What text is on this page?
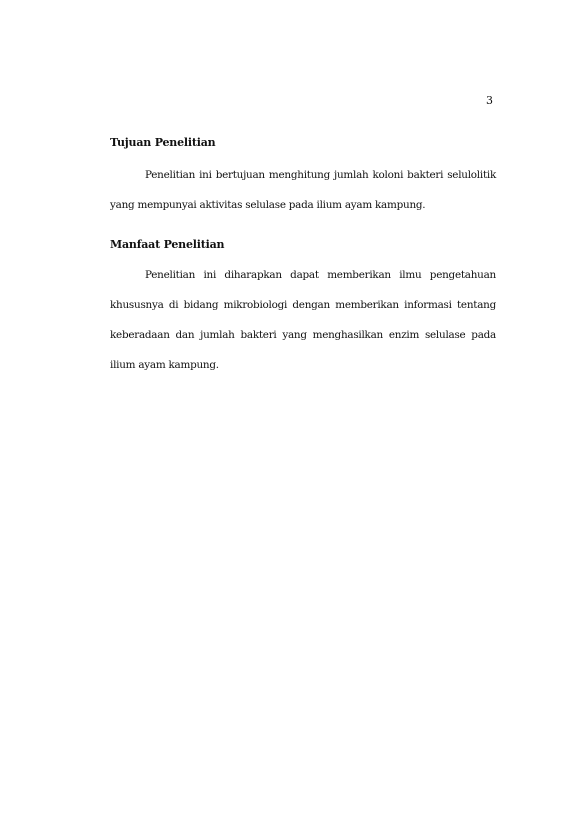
3

Tujuan Penelitian

Penelitian ini bertujuan menghitung jumlah koloni bakteri selulolitik yang mempunyai aktivitas selulase pada ilium ayam kampung.

Manfaat Penelitian

Penelitian ini diharapkan dapat memberikan ilmu pengetahuan khususnya di bidang mikrobiologi dengan memberikan informasi tentang keberadaan dan jumlah bakteri yang menghasilkan enzim selulase pada ilium ayam kampung.
